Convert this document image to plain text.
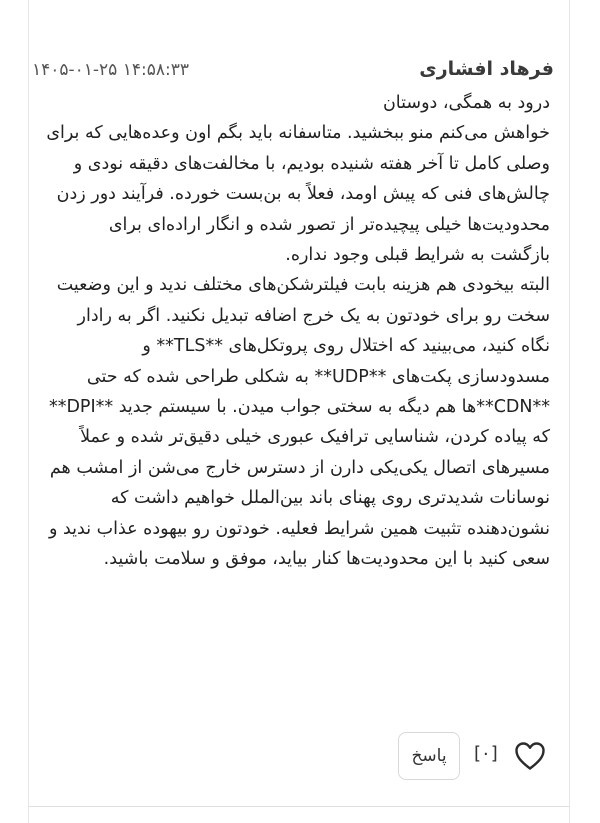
فرهاد افشاری
۱۴۰۵-۰۱-۲۵ ۱۴:۵۸:۳۳

درود به همگی، دوستان

خواهش می‌کنم منو ببخشید. متاسفانه باید بگم اون وعده‌هایی که برای وصلی کامل تا آخر هفته شنیده بودیم، با مخالفت‌های دقیقه نودی و چالش‌های فنی که پیش اومد، فعلاً به بن‌بست خورده. فرآیند دور زدن محدودیت‌ها خیلی پیچیده‌تر از تصور شده و انگار اراده‌ای برای بازگشت به شرایط قبلی وجود نداره.

البته بیخودی هم هزینه بابت فیلترشکن‌های مختلف ندید و این وضعیت سخت رو برای خودتون به یک خرج اضافه تبدیل نکنید. اگر به رادار نگاه کنید، می‌بینید که اختلال روی پروتکل‌های **TLS** و مسدودسازی پکت‌های **UDP** به شکلی طراحی شده که حتی **CDN**ها هم دیگه به سختی جواب میدن. با سیستم جدید **DPI** که پیاده کردن، شناسایی ترافیک عبوری خیلی دقیق‌تر شده و عملاً مسیرهای اتصال یکی‌یکی دارن از دسترس خارج می‌شن از امشب هم نوسانات شدیدتری روی پهنای باند بین‌الملل خواهیم داشت که نشون‌دهنده تثبیت همین شرایط فعلیه. خودتون رو بیهوده عذاب ندید و سعی کنید با این محدودیت‌ها کنار بیاید، موفق و سلامت باشید.

[۰]
پاسخ
